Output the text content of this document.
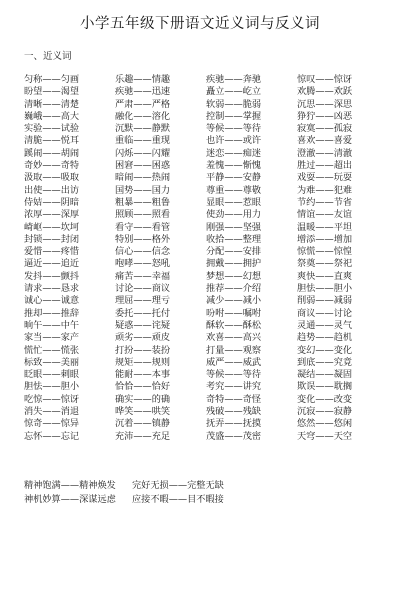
小学五年级下册语文近义词与反义词
一、近义词
匀称——匀画	乐趣——情趣	疾驰——奔驰	惊叹——惊讶
盼望——渴望	疾驰——迅速	矗立——屹立	欢腾——欢跃
清晰——清楚	严肃——严格	软弱——脆弱	沉思——深思
巍峨——高大	融化——溶化	控制——掌握	狰狞——凶恶
实验——试验	沉默——静默	等候——等待	寂寞——孤寂
清脆——悦耳	重临——重现	也许——或许	喜欢——喜爱
蹊闹——胡闹	闪烁——闪耀	迷恋——痴迷	澄澈——清澈
奇妙——奇特	困窘——困惑	羞愧——惭愧	胜过——超出
汲取——吸取	暗闹——热闹	平静——安静	戏耍——玩耍
出使——出访	国势——国力	尊重——尊敬	为难——犯难
侍姞——阴暗	粗暴——粗鲁	显眼——惹眼	节约——节省
浓厚——深厚	照顾——照看	使劲——用力	情谊——友谊
崎岖——坎坷	看守——看管	刚强——坚强	温暖——平坦
封锁——封闭	特别——格外	收拾——整理	增添——增加
爱惜——疼惜	信心——信念	分配——安排	惊慌——惊惶
逼近——追近	咆哮——怒吼	拥戴——拥护	祭奠——祭祀
发抖——颤抖	痛苦——幸福	梦想——幻想	爽快——直爽
请求——恳求	讨论——商议	推荐——介绍	胆怯——胆小
诚心——诚意	理屈——理亏	减少——减小	削弱——减弱
推却——推辞	委托——托付	吩咐——嘱咐	商议——讨论
晌午——中午	疑惑——诧疑	酥软——酥松	灵通——灵气
家当——家产	顽劣——顽皮	欢喜——高兴	趋势——趋机
慌忙——慌张	打扮——装扮	打量——观察	变幻——变化
标致——美丽	规矩——规则	威严——威武	到底——究竟
眨眼——刺眼	能耐——本事	等候——等待	凝结——凝固
胆怯——胆小	恰恰——恰好	考究——讲究	欺误——耽搁
吃惊——惊讶	确实——的确	奇特——奇怪	变化——改变
消失——消退	哗笑——哄笑	残破——残缺	沉寂——寂静
惊奇——惊异	沉着——镇静	抚弄——抚摸	悠然——悠闲
忘怀——忘记	充沛——充足	茂盛——茂密	天穹——天空
精神饱满——精神焕发	完好无损——完整无缺
神机妙算——深谋远虑	应接不暇——目不暇接
